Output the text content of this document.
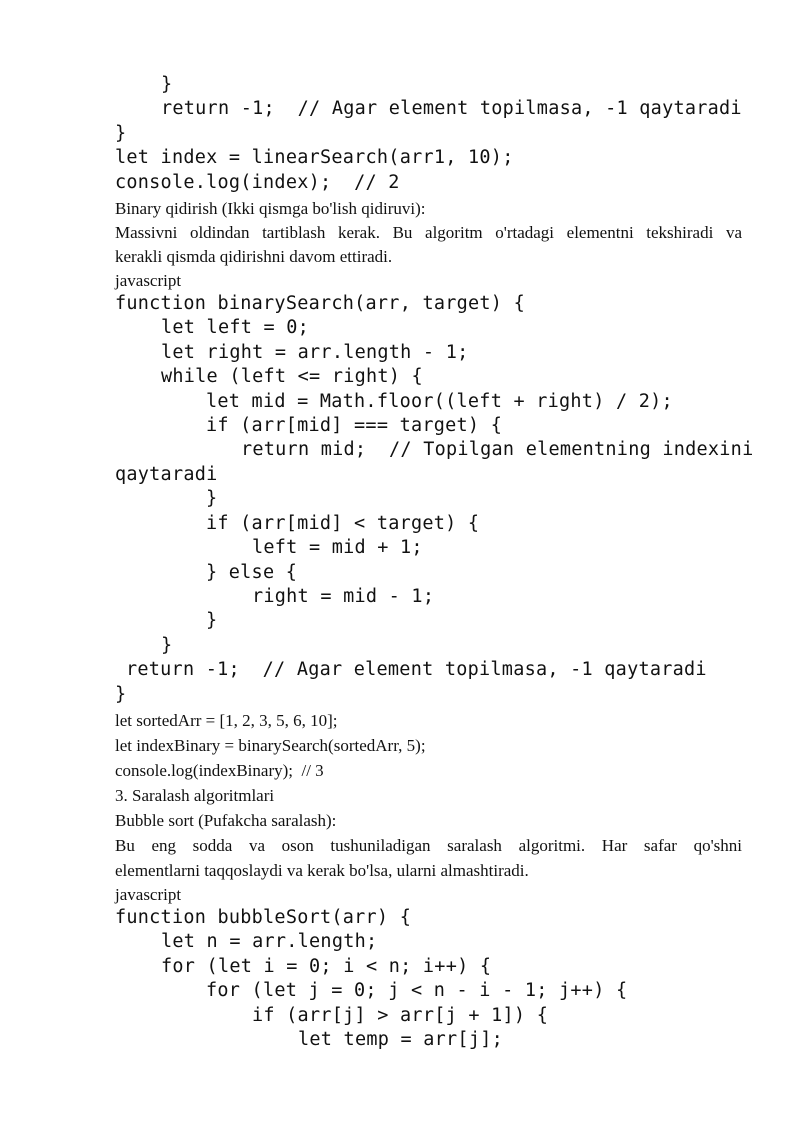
}
return -1;  // Agar element topilmasa, -1 qaytaradi
}
let index = linearSearch(arr1, 10);
console.log(index);  // 2
Binary qidirish (Ikki qismga bo'lish qidiruvi):
Massivni oldindan tartiblash kerak. Bu algoritm o'rtadagi elementni tekshiradi va
kerakli qismda qidirishni davom ettiradi.
javascript
function binarySearch(arr, target) {
let left = 0;
let right = arr.length - 1;
while (left <= right) {
let mid = Math.floor((left + right) / 2);
if (arr[mid] === target) {
return mid;  // Topilgan elementning indexini
qaytaradi
}
if (arr[mid] < target) {
left = mid + 1;
} else {
right = mid - 1;
}
}
return -1;  // Agar element topilmasa, -1 qaytaradi
}
let sortedArr = [1, 2, 3, 5, 6, 10];
let indexBinary = binarySearch(sortedArr, 5);
console.log(indexBinary);  // 3
3. Saralash algoritmlari
Bubble sort (Pufakcha saralash):
Bu eng sodda va oson tushuniladigan saralash algoritmi. Har safar qo'shni
elementlarni taqqoslaydi va kerak bo'lsa, ularni almashtiradi.
javascript
function bubbleSort(arr) {
let n = arr.length;
for (let i = 0; i < n; i++) {
for (let j = 0; j < n - i - 1; j++) {
if (arr[j] > arr[j + 1]) {
let temp = arr[j];
